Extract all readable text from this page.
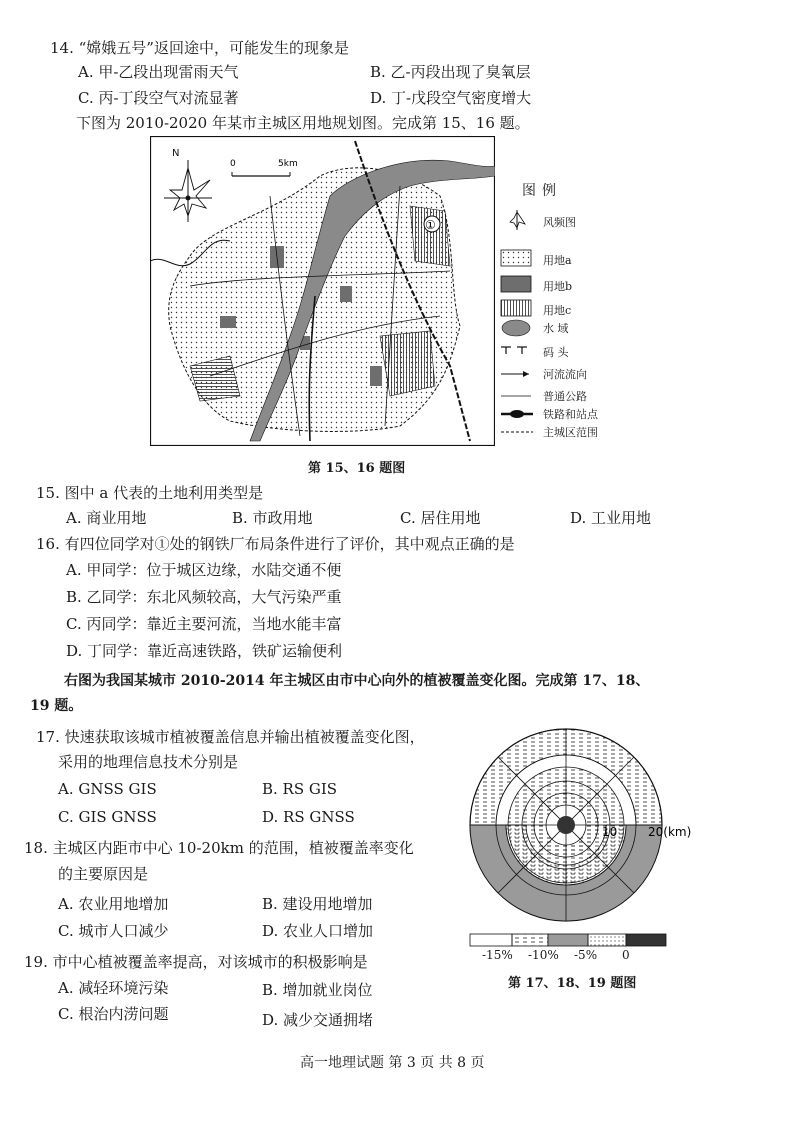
14. “嫦娥五号”返回途中，可能发生的现象是
A. 甲-乙段出现雷雨天气	B. 乙-丙段出现了臭氧层
C. 丙-丁段空气对流显著	D. 丁-戊段空气密度增大
下图为 2010-2020 年某市主城区用地规划图。完成第 15、16 题。
N
0	5km
①
图例
风频图
用地a
用地b
用地c
水 域
码 头
河流流向
普通公路
铁路和站点
主城区范围
第 15、16 题图
15. 图中 a 代表的土地利用类型是
A. 商业用地	B. 市政用地	C. 居住用地	D. 工业用地
16. 有四位同学对①处的钢铁厂布局条件进行了评价，其中观点正确的是
A. 甲同学：位于城区边缘，水陆交通不便
B. 乙同学：东北风频较高，大气污染严重
C. 丙同学：靠近主要河流，当地水能丰富
D. 丁同学：靠近高速铁路，铁矿运输便利
右图为我国某城市 2010-2014 年主城区由市中心向外的植被覆盖变化图。完成第 17、18、
19 题。
17. 快速获取该城市植被覆盖信息并输出植被覆盖变化图，
采用的地理信息技术分别是
A. GNSS GIS	B. RS GIS
C. GIS GNSS	D. RS GNSS
18. 主城区内距市中心 10-20km 的范围，植被覆盖率变化
的主要原因是
A. 农业用地增加	B. 建设用地增加
C. 城市人口减少	D. 农业人口增加
19. 市中心植被覆盖率提高，对该城市的积极影响是
A. 减轻环境污染	B. 增加就业岗位
C. 根治内涝问题	D. 减少交通拥堵
10	20(km)
-15% -10% -5% 0
第 17、18、19 题图
高一地理试题 第 3 页 共 8 页
